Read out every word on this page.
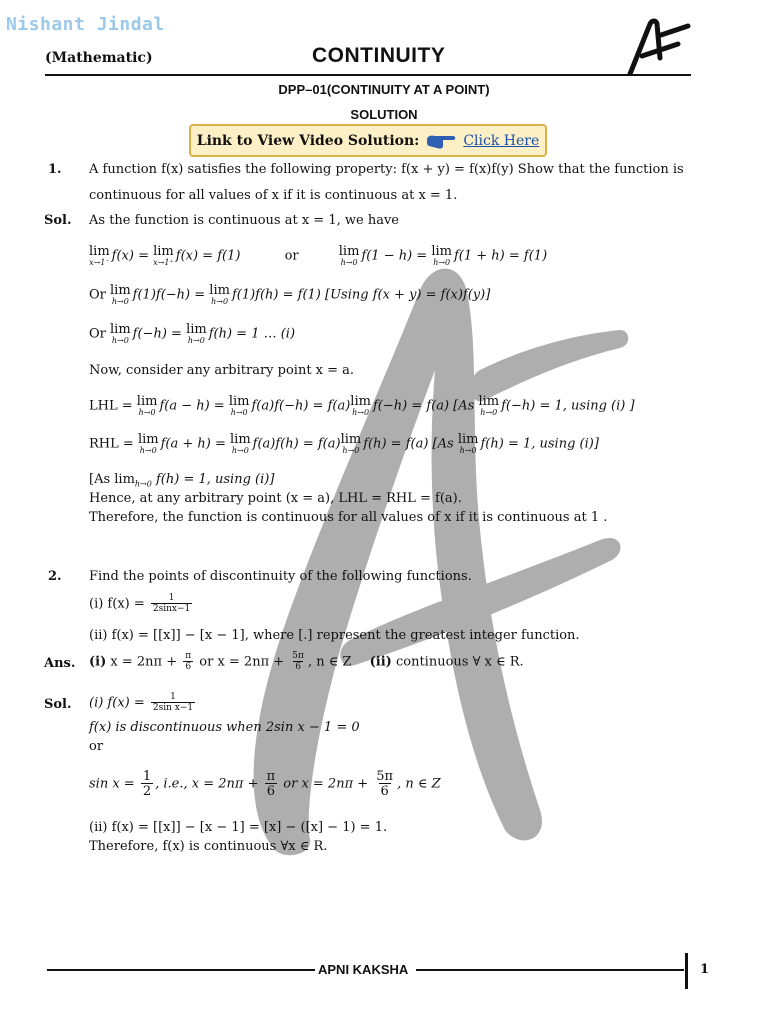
Nishant Jindal
(Mathematic)	CONTINUITY
DPP–01(CONTINUITY AT A POINT)
SOLUTION
Link to View Video Solution:	Click Here
1. A function f(x) satisfies the following property: f(x + y) = f(x)f(y) Show that the function is
continuous for all values of x if it is continuous at x = 1.
Sol. As the function is continuous at x = 1, we have
lim
x→1⁻ f(x) = lim
x→1⁺ f(x) = f(1)	or	lim
h→0 f(1 − h) = lim
h→0 f(1 + h) = f(1)
Or lim
h→0 f(1)f(−h) = lim
h→0 f(1)f(h) = f(1) [Using f(x + y) = f(x)f(y)]
Or lim
h→0 f(−h) = lim
h→0 f(h) = 1 … (i)
Now, consider any arbitrary point x = a.
LHL = lim
h→0 f(a − h) = lim
h→0 f(a)f(−h) = f(a) lim
h→0 f(−h) = f(a) [As lim
h→0 f(−h) = 1, using (i) ]
RHL = lim
h→0 f(a + h) = lim
h→0 f(a)f(h) = f(a) lim
h→0 f(h) = f(a) [As lim
h→0 f(h) = 1, using (i)]
[As $\lim_{h\to 0} f(h) = 1$, using (i)]
Hence, at any arbitrary point (x = a), LHL = RHL = f(a).
Therefore, the function is continuous for all values of x if it is continuous at 1 .
2. Find the points of discontinuity of the following functions.
(i) $f(x) = \frac{1}{2\sin x-1}$
(ii) f(x) = [[x]] − [x − 1], where [.] represent the greatest integer function.
Ans. (i) $x = 2n\pi + \frac{\pi}{6}$ or $x = 2n\pi + \frac{5\pi}{6}$ , n ∈ Z (ii) continuous ∀ x ∈ R.
Sol. (i) $f(x) = \frac{1}{\text{2sin x−1}}$
f(x) is discontinuous when 2sin x − 1 = 0
or
$\sin x = \frac{1}{2}$ , i.e., $x = 2n\pi + \frac{\pi}{6}$ or $x = 2n\pi + \frac{5\pi}{6}$ , n ∈ Z
(ii) f(x) = [[x]] − [x − 1] = [x] − ([x] − 1) = 1.
Therefore, f(x) is continuous ∀x ∈ R.
APNI KAKSHA	1
